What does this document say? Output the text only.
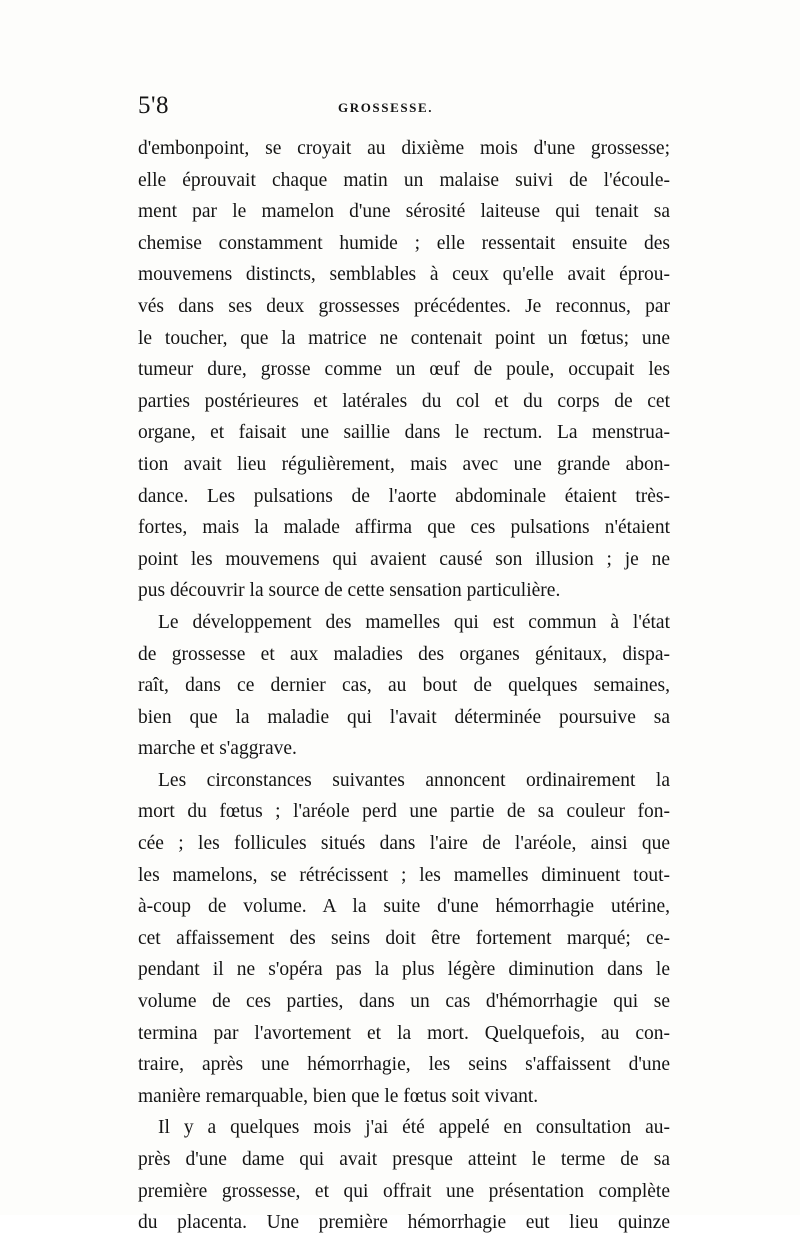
5'8	GROSSESSE.
d'embonpoint, se croyait au dixième mois d'une grossesse;
elle éprouvait chaque matin un malaise suivi de l'écoule-
ment par le mamelon d'une sérosité laiteuse qui tenait sa
chemise constamment humide ; elle ressentait ensuite des
mouvemens distincts, semblables à ceux qu'elle avait éprou-
vés dans ses deux grossesses précédentes. Je reconnus, par
le toucher, que la matrice ne contenait point un fœtus; une
tumeur dure, grosse comme un œuf de poule, occupait les
parties postérieures et latérales du col et du corps de cet
organe, et faisait une saillie dans le rectum. La menstrua-
tion avait lieu régulièrement, mais avec une grande abon-
dance. Les pulsations de l'aorte abdominale étaient très-
fortes, mais la malade affirma que ces pulsations n'étaient
point les mouvemens qui avaient causé son illusion ; je ne
pus découvrir la source de cette sensation particulière.
Le développement des mamelles qui est commun à l'état
de grossesse et aux maladies des organes génitaux, dispa-
raît, dans ce dernier cas, au bout de quelques semaines,
bien que la maladie qui l'avait déterminée poursuive sa
marche et s'aggrave.
Les circonstances suivantes annoncent ordinairement la
mort du fœtus ; l'aréole perd une partie de sa couleur fon-
cée ; les follicules situés dans l'aire de l'aréole, ainsi que
les mamelons, se rétrécissent ; les mamelles diminuent tout-
à-coup de volume. A la suite d'une hémorrhagie utérine,
cet affaissement des seins doit être fortement marqué; ce-
pendant il ne s'opéra pas la plus légère diminution dans le
volume de ces parties, dans un cas d'hémorrhagie qui se
termina par l'avortement et la mort. Quelquefois, au con-
traire, après une hémorrhagie, les seins s'affaissent d'une
manière remarquable, bien que le fœtus soit vivant.
Il y a quelques mois j'ai été appelé en consultation au-
près d'une dame qui avait presque atteint le terme de sa
première grossesse, et qui offrait une présentation complète
du placenta. Une première hémorrhagie eut lieu quinze
